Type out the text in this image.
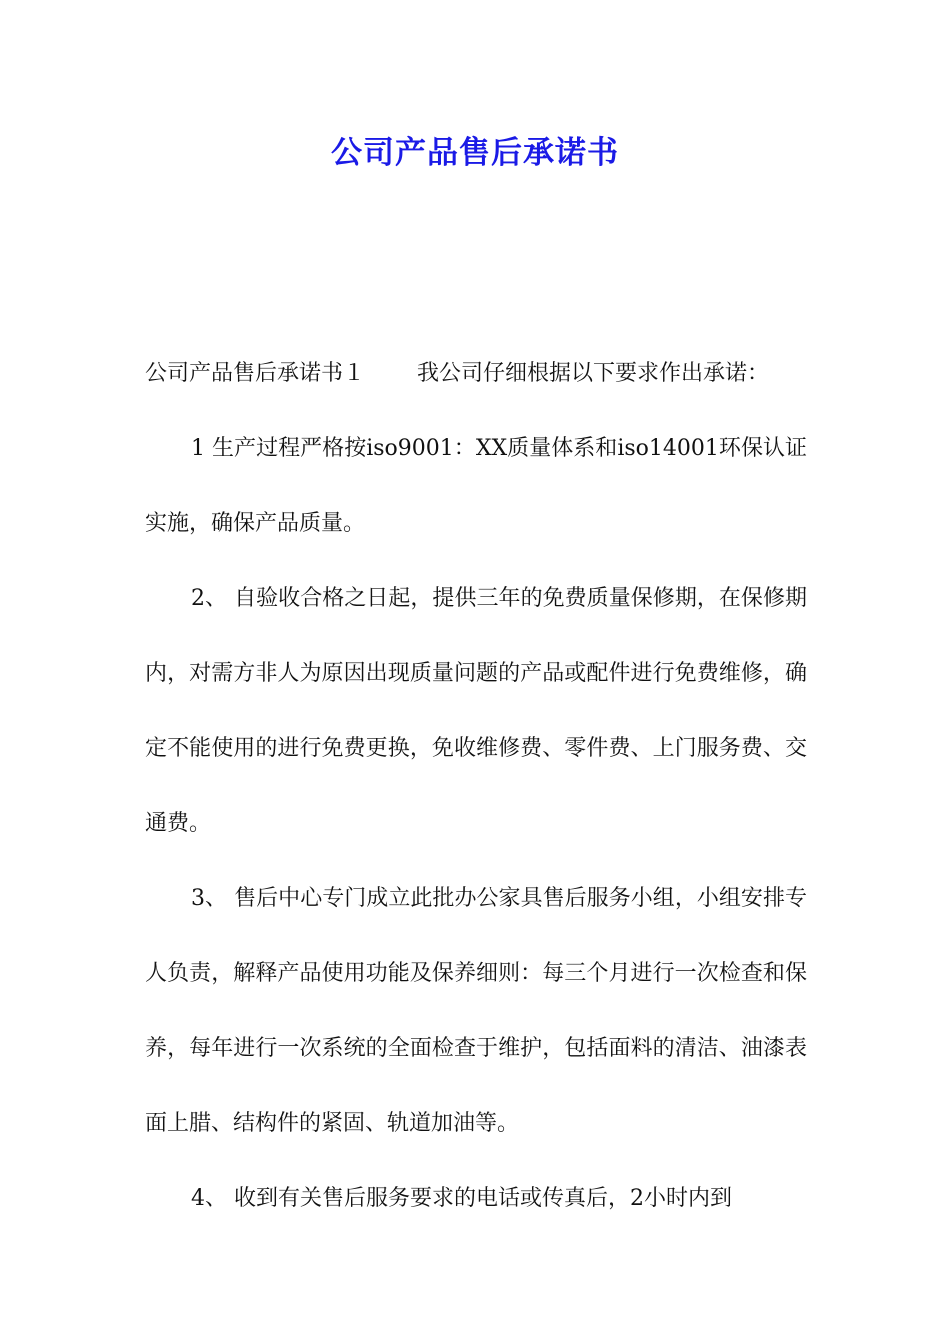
公司产品售后承诺书

公司产品售后承诺书１ 我公司仔细根据以下要求作出承诺：

1 生产过程严格按iso9001：XX质量体系和iso14001环保认证实施，确保产品质量。

2、 自验收合格之日起，提供三年的免费质量保修期，在保修期内，对需方非人为原因出现质量问题的产品或配件进行免费维修，确定不能使用的进行免费更换，免收维修费、零件费、上门服务费、交通费。

3、 售后中心专门成立此批办公家具售后服务小组，小组安排专人负责，解释产品使用功能及保养细则：每三个月进行一次检查和保养，每年进行一次系统的全面检查于维护，包括面料的清洁、油漆表面上腊、结构件的紧固、轨道加油等。

4、 收到有关售后服务要求的电话或传真后，2小时内到
